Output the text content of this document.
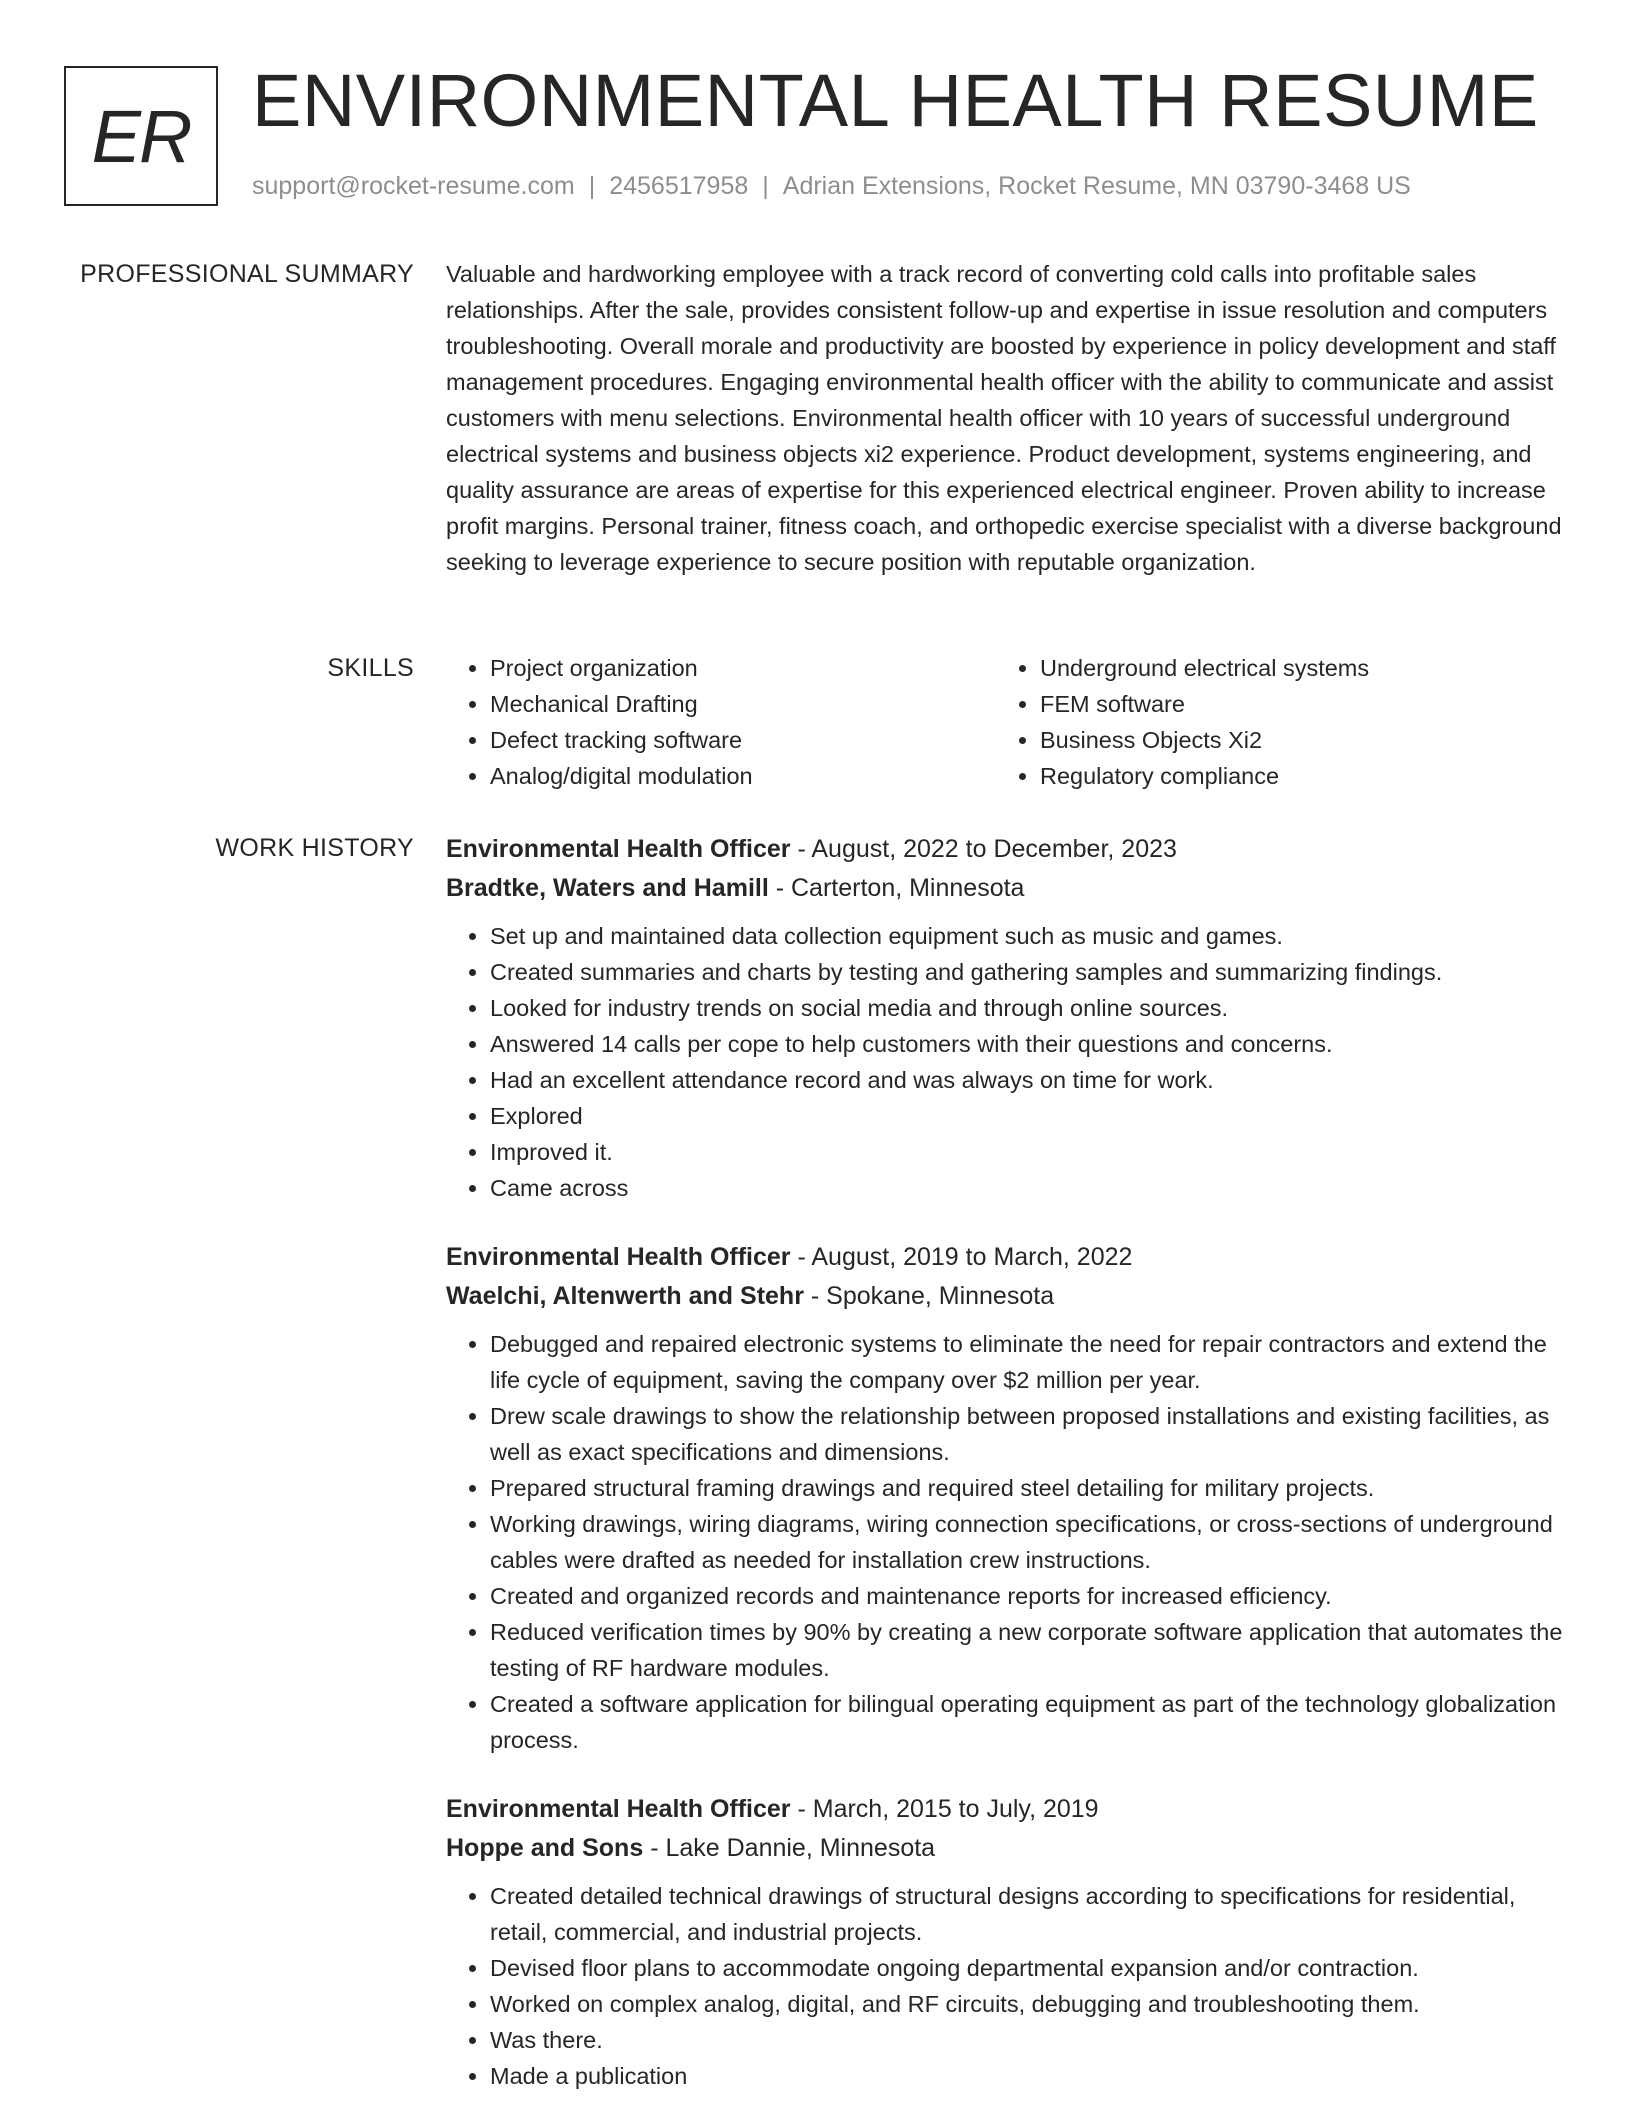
ER ENVIRONMENTAL HEALTH RESUME
support@rocket-resume.com | 2456517958 | Adrian Extensions, Rocket Resume, MN 03790-3468 US
PROFESSIONAL SUMMARY Valuable and hardworking employee with a track record of converting cold calls into profitable sales relationships. After the sale, provides consistent follow-up and expertise in issue resolution and computers troubleshooting. Overall morale and productivity are boosted by experience in policy development and staff management procedures. Engaging environmental health officer with the ability to communicate and assist customers with menu selections. Environmental health officer with 10 years of successful underground electrical systems and business objects xi2 experience. Product development, systems engineering, and quality assurance are areas of expertise for this experienced electrical engineer. Proven ability to increase profit margins. Personal trainer, fitness coach, and orthopedic exercise specialist with a diverse background seeking to leverage experience to secure position with reputable organization.

SKILLS
•	Project organization
• Mechanical Drafting
• Defect tracking software
• Analog/digital modulation
• Underground electrical systems
• FEM software
• Business Objects Xi2
• Regulatory compliance
WORK HISTORY Environmental Health Officer - August, 2022 to December, 2023
Bradtke, Waters and Hamill - Carterton, Minnesota
• Set up and maintained data collection equipment such as music and games.
• Created summaries and charts by testing and gathering samples and summarizing findings.
• Looked for industry trends on social media and through online sources.
• Answered 14 calls per cope to help customers with their questions and concerns.
• Had an excellent attendance record and was always on time for work.
• Explored
• Improved it.
• Came across
Environmental Health Officer - August, 2019 to March, 2022
Waelchi, Altenwerth and Stehr - Spokane, Minnesota
• Debugged and repaired electronic systems to eliminate the need for repair contractors and extend the life cycle of equipment, saving the company over $2 million per year.
• Drew scale drawings to show the relationship between proposed installations and existing facilities, as well as exact specifications and dimensions.
• Prepared structural framing drawings and required steel detailing for military projects.
• Working drawings, wiring diagrams, wiring connection specifications, or cross-sections of underground cables were drafted as needed for installation crew instructions.
• Created and organized records and maintenance reports for increased efficiency.
• Reduced verification times by 90% by creating a new corporate software application that automates the testing of RF hardware modules.
• Created a software application for bilingual operating equipment as part of the technology globalization process.
Environmental Health Officer - March, 2015 to July, 2019
Hoppe and Sons - Lake Dannie, Minnesota
• Created detailed technical drawings of structural designs according to specifications for residential, retail, commercial, and industrial projects.
• Devised floor plans to accommodate ongoing departmental expansion and/or contraction.
• Worked on complex analog, digital, and RF circuits, debugging and troubleshooting them.
• Was there.
• Made a publication
